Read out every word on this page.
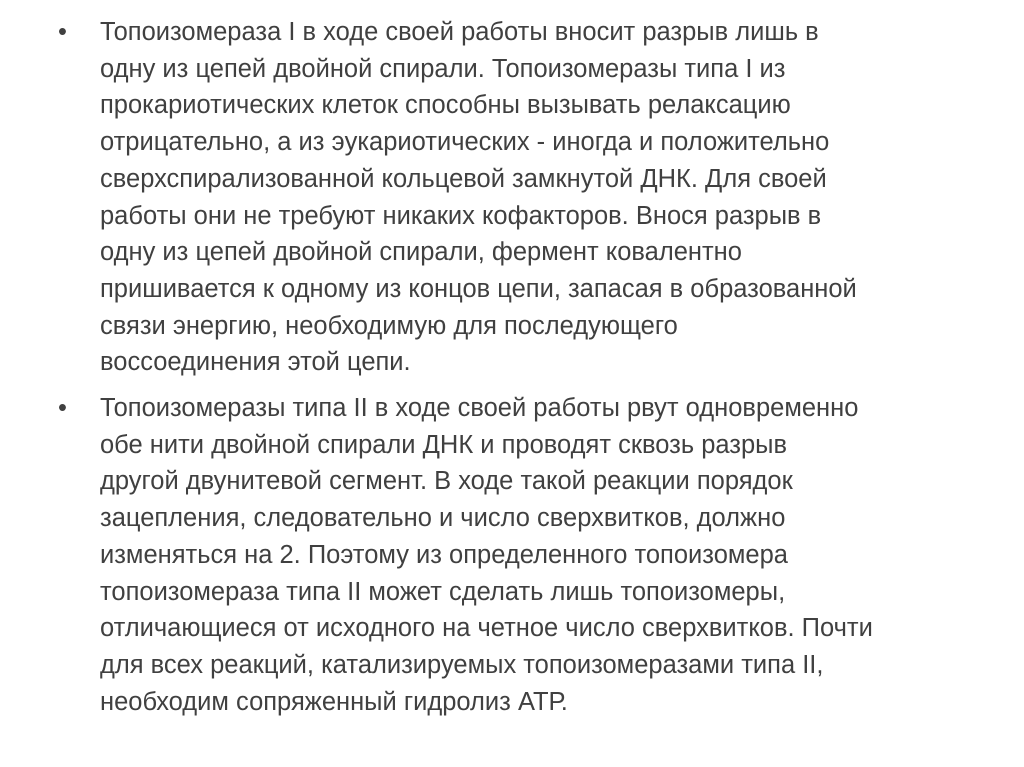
•	Топоизомераза I в ходе своей работы вносит разрыв лишь в
одну из цепей двойной спирали. Топоизомеразы типа I из
прокариотических клеток способны вызывать релаксацию
отрицательно, а из эукариотических - иногда и положительно
сверхспирализованной кольцевой замкнутой ДНК. Для своей
работы они не требуют никаких кофакторов. Внося разрыв в
одну из цепей двойной спирали, фермент ковалентно
пришивается к одному из концов цепи, запасая в образованной
связи энергию, необходимую для последующего
воссоединения этой цепи.
•	Топоизомеразы типа II в ходе своей работы рвут одновременно
обе нити двойной спирали ДНК и проводят сквозь разрыв
другой двунитевой сегмент. В ходе такой реакции порядок
зацепления, следовательно и число сверхвитков, должно
изменяться на 2. Поэтому из определенного топоизомера
топоизомераза типа II может сделать лишь топоизомеры,
отличающиеся от исходного на четное число сверхвитков. Почти
для всех реакций, катализируемых топоизомеразами типа II,
необходим сопряженный гидролиз АТР.
